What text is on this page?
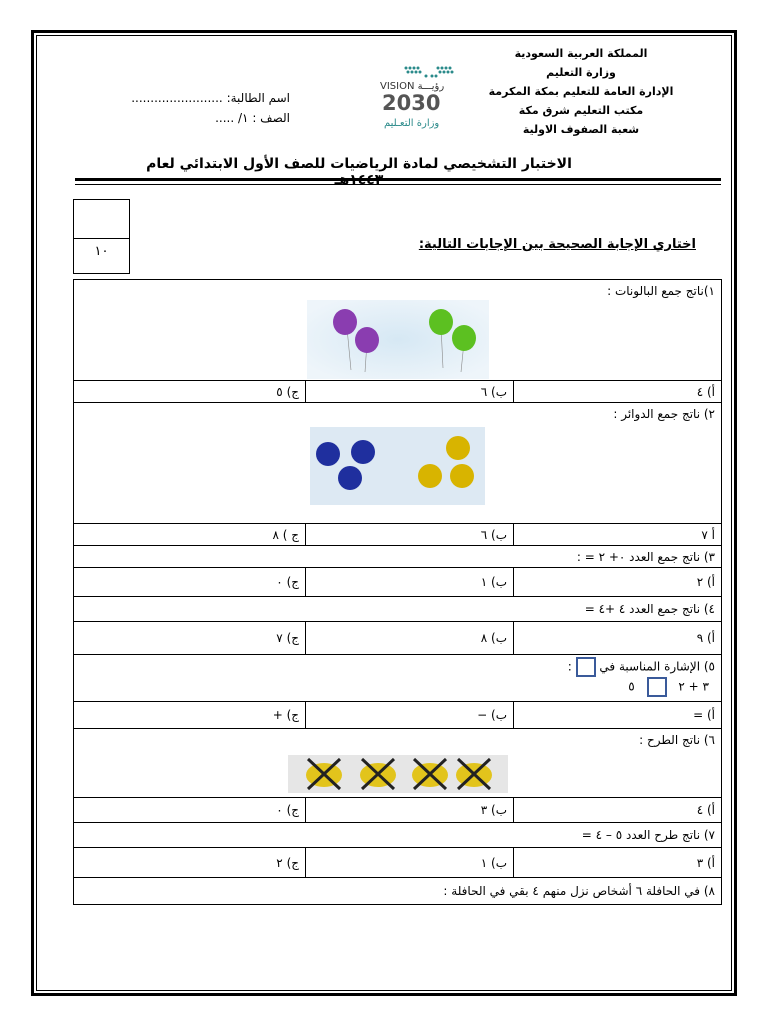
المملكة العربية السعودية
وزارة التعليم
الإدارة العامة للتعليم بمكة المكرمة
مكتب التعليم شرق مكة
شعبة الصفوف الاولية
VISION رؤيـــة
2030
وزارة التعـليم
اسم الطالبة: ........................
الصف : ١/ .....
الاختبار التشخيصي لمادة الرياضيات للصف الأول الابتدائي لعام
١٠	اختاري الإجابة الصحيحة بين الإجابات التالية:
١)ناتج جمع البالونات :		

أ) ٤	ب) ٦	ج) ٥

٢) ناتج جمع الدوائر :		

أ ٧	ب) ٦	ج ) ٨
٣) ناتج جمع العدد ٠+ ٢ = :		
أ) ٢	ب) ١	ج) ٠
٤) ناتج جمع العدد ٤ +٤ =		
أ) ٩	ب) ٨	ج) ٧

٥) الإشارة المناسبة في  :
٣ + ٢  ٥		

أ) =	ب) −	ج) +

٦) ناتج الطرح :		

أ) ٤	ب) ٣	ج) ٠
٧) ناتج طرح العدد ٥ – ٤ =		
أ) ٣	ب) ١	ج) ٢
٨) في الحافلة ٦ أشخاص نزل منهم ٤ بقي في الحافلة :		
